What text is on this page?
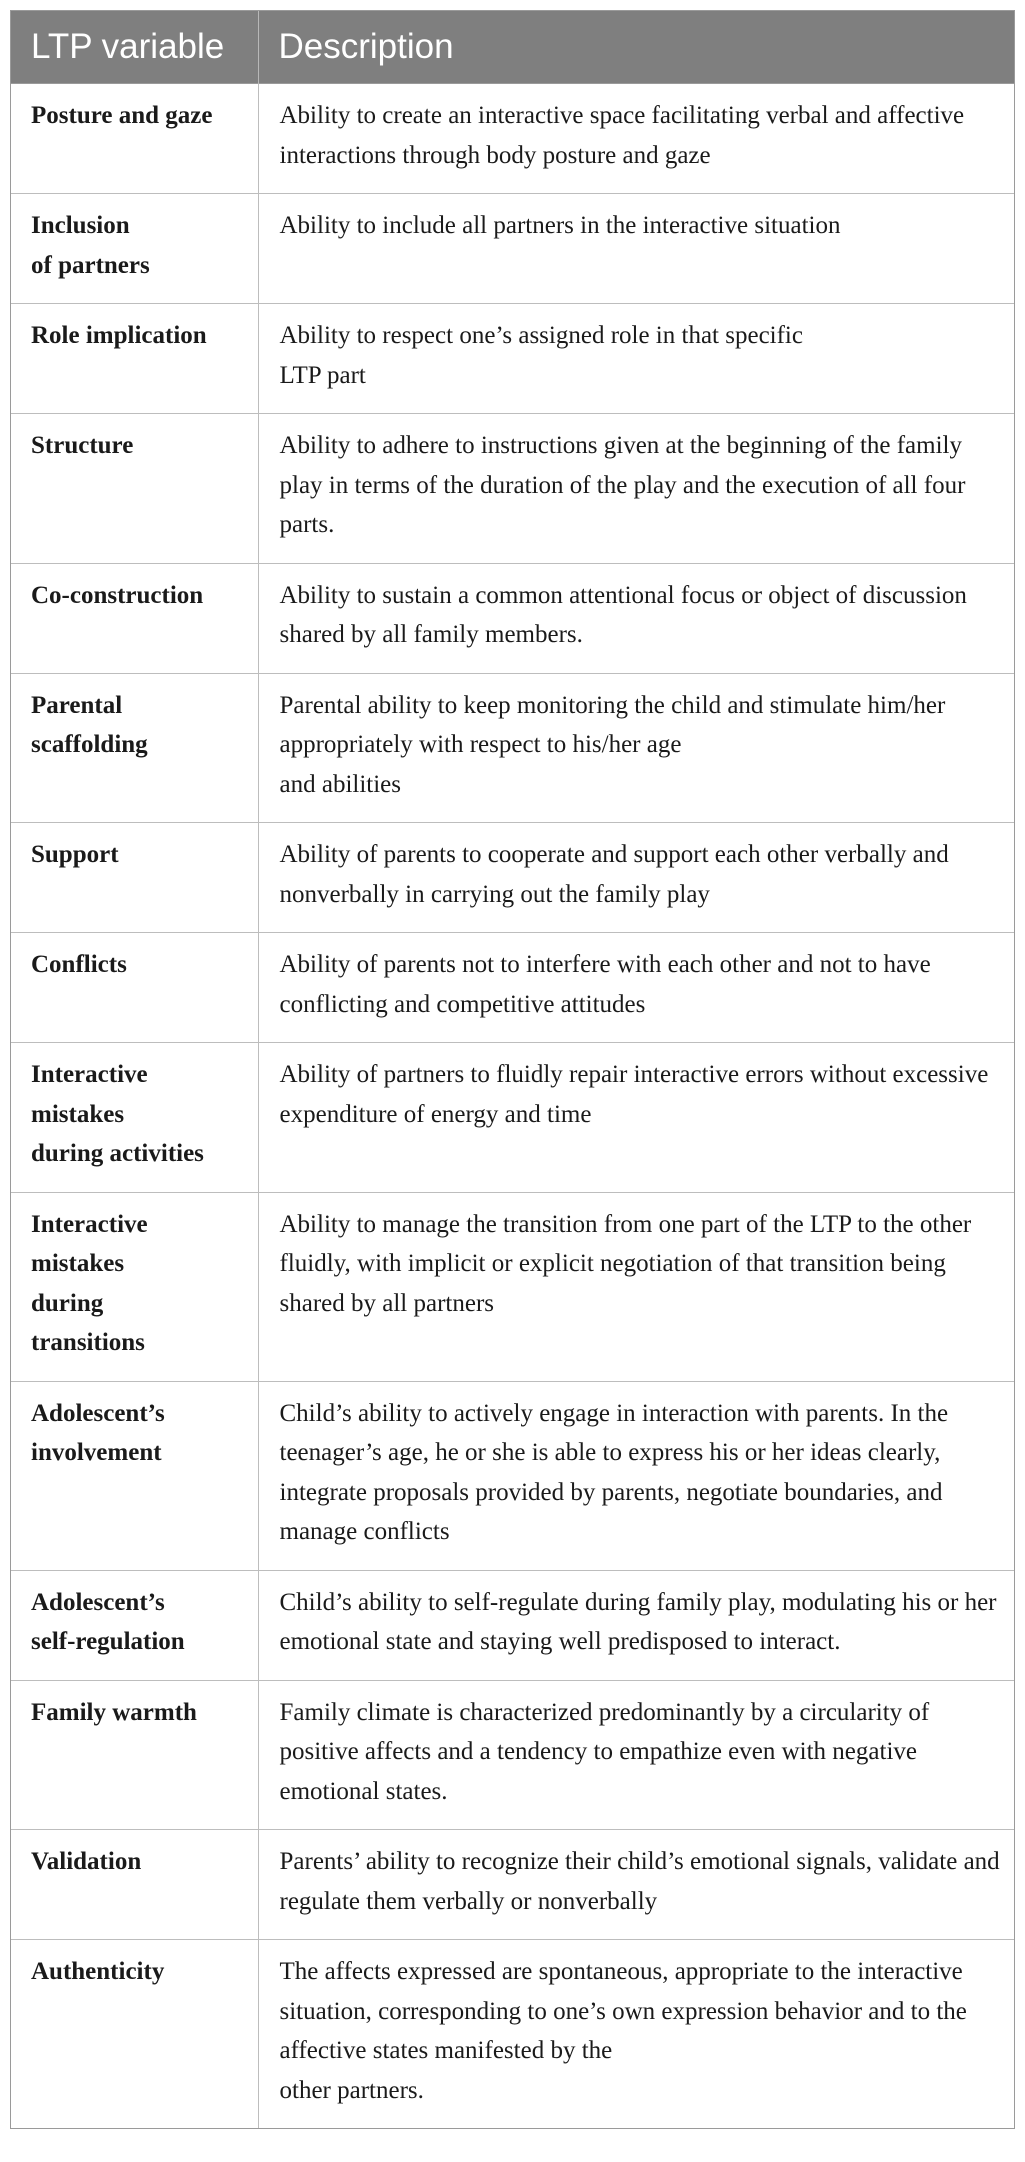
LTP variable	Description
Posture and gaze	Ability to create an interactive space facilitating verbal and affective interactions through body posture and gaze
Inclusion
of partners	Ability to include all partners in the interactive situation
Role implication	Ability to respect one’s assigned role in that specific
LTP part
Structure	Ability to adhere to instructions given at the beginning of the family play in terms of the duration of the play and the execution of all four parts.
Co-construction	Ability to sustain a common attentional focus or object of discussion shared by all family members.
Parental
scaffolding	Parental ability to keep monitoring the child and stimulate him/her appropriately with respect to his/her age
and abilities
Support	Ability of parents to cooperate and support each other verbally and nonverbally in carrying out the family play
Conflicts	Ability of parents not to interfere with each other and not to have conflicting and competitive attitudes
Interactive
mistakes
during activities	Ability of partners to fluidly repair interactive errors without excessive expenditure of energy and time
Interactive
mistakes
during
transitions	Ability to manage the transition from one part of the LTP to the other fluidly, with implicit or explicit negotiation of that transition being shared by all partners
Adolescent’s
involvement	Child’s ability to actively engage in interaction with parents. In the teenager’s age, he or she is able to express his or her ideas clearly, integrate proposals provided by parents, negotiate boundaries, and manage conflicts
Adolescent’s
self-regulation	Child’s ability to self-regulate during family play, modulating his or her emotional state and staying well predisposed to interact.
Family warmth	Family climate is characterized predominantly by a circularity of positive affects and a tendency to empathize even with negative emotional states.
Validation	Parents’ ability to recognize their child’s emotional signals, validate and regulate them verbally or nonverbally
Authenticity	The affects expressed are spontaneous, appropriate to the interactive situation, corresponding to one’s own expression behavior and to the affective states manifested by the
other partners.
